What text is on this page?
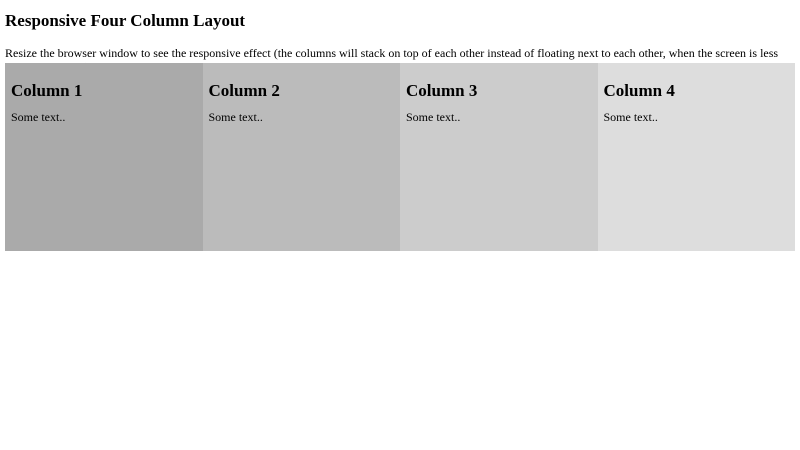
Responsive Four Column Layout

Resize the browser window to see the responsive effect (the columns will stack on top of each other instead of floating next to each other, when the screen is less

Column 1

Some text..

Column 2

Some text..

Column 3

Some text..

Column 4

Some text..
